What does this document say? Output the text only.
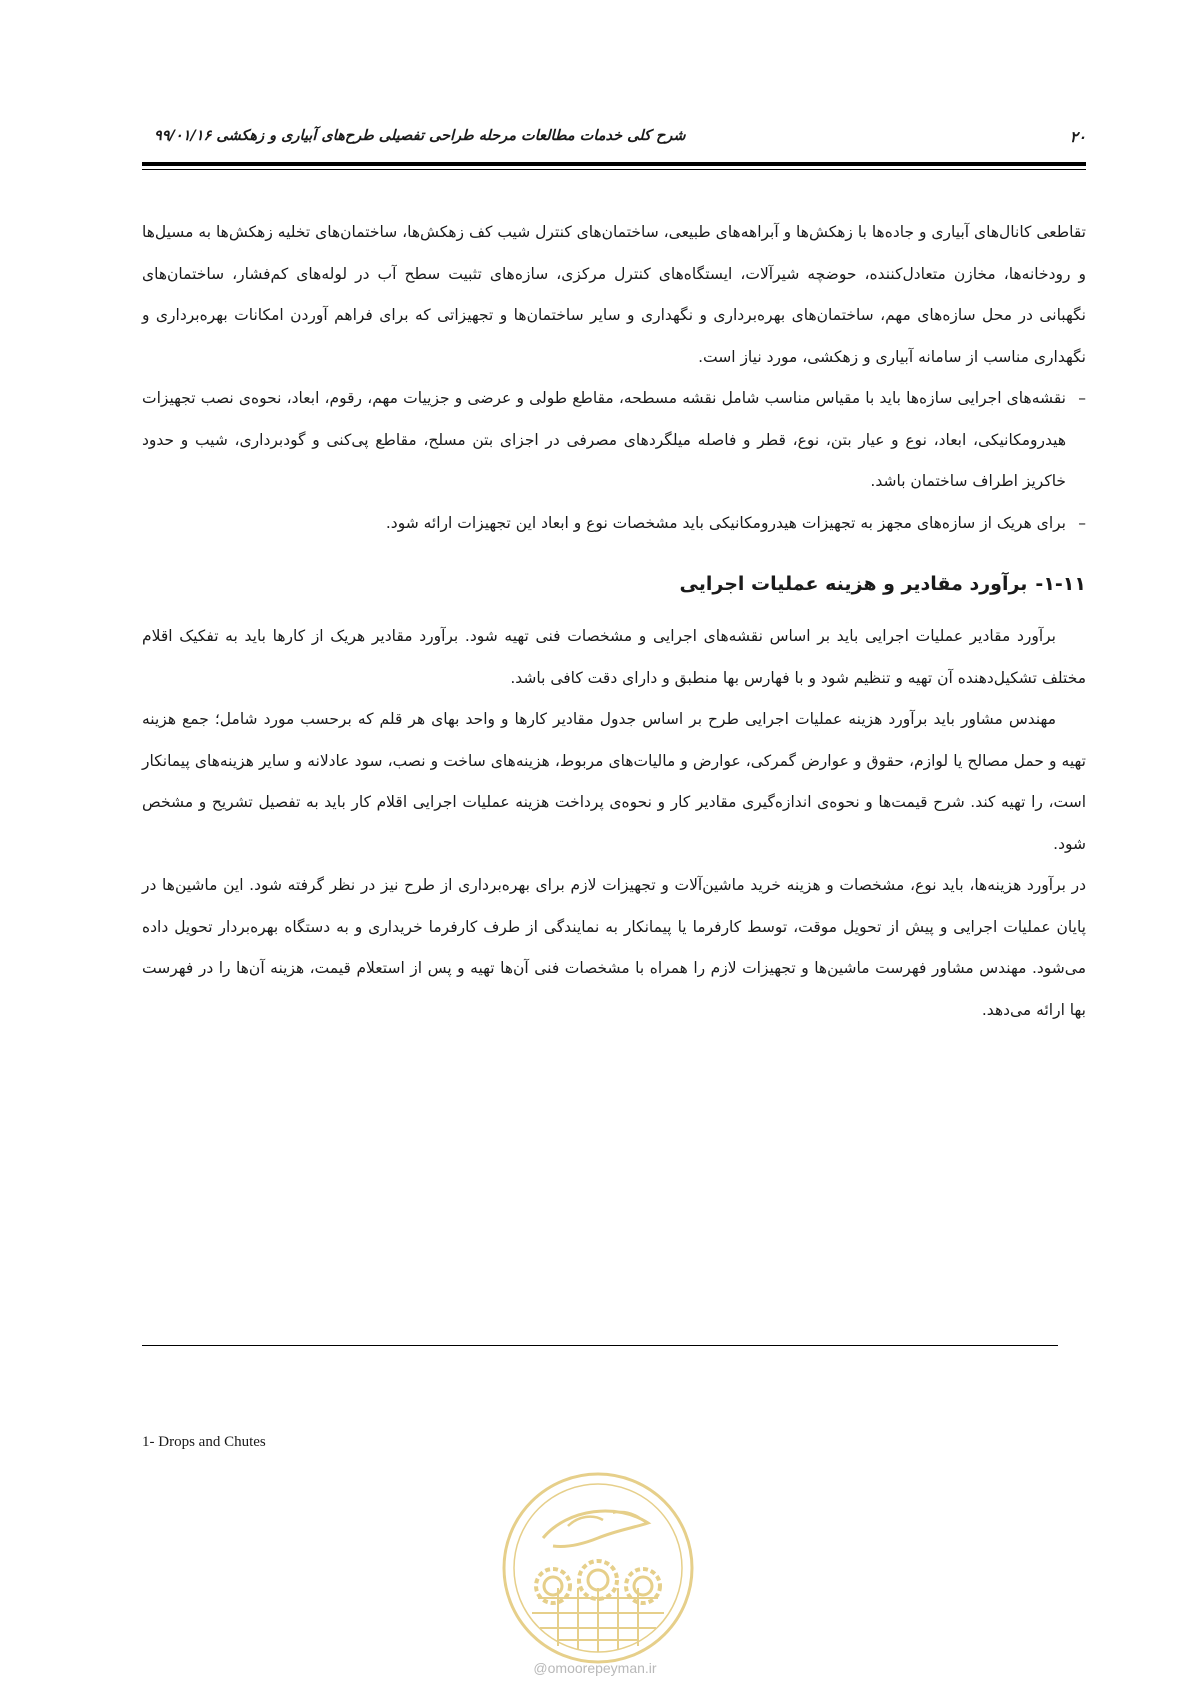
۲۰
شرح کلی خدمات مطالعات مرحله طراحی تفصیلی طرح‌های آبیاری و زهکشی ۹۹/۰۱/۱۶

تقاطعی کانال‌های آبیاری و جاده‌ها با زهکش‌ها و آبراهه‌های طبیعی، ساختمان‌های کنترل شیب کف زهکش‌ها، ساختمان‌های تخلیه زهکش‌ها به مسیل‌ها و رودخانه‌ها، مخازن متعادل‌کننده، حوضچه شیرآلات، ایستگاه‌های کنترل مرکزی، سازه‌های تثبیت سطح آب در لوله‌های کم‌فشار، ساختمان‌های نگهبانی در محل سازه‌های مهم، ساختمان‌های بهره‌برداری و نگهداری و سایر ساختمان‌ها و تجهیزاتی که برای فراهم آوردن امکانات بهره‌برداری و نگهداری مناسب از سامانه آبیاری و زهکشی، مورد نیاز است.

–
نقشه‌های اجرایی سازه‌ها باید با مقیاس مناسب شامل نقشه مسطحه، مقاطع طولی و عرضی و جزییات مهم، رقوم، ابعاد، نحوه‌ی نصب تجهیزات هیدرومکانیکی، ابعاد، نوع و عیار بتن، نوع، قطر و فاصله میلگردهای مصرفی در اجزای بتن مسلح، مقاطع پی‌کنی و گودبرداری، شیب و حدود خاکریز اطراف ساختمان باشد.
–
برای هریک از سازه‌های مجهز به تجهیزات هیدرومکانیکی باید مشخصات نوع و ابعاد این تجهیزات ارائه شود.
۱-۱۱-برآورد مقادیر و هزینه عملیات اجرایی

برآورد مقادیر عملیات اجرایی باید بر اساس نقشه‌های اجرایی و مشخصات فنی تهیه شود. برآورد مقادیر هریک از کارها باید به تفکیک اقلام مختلف تشکیل‌دهنده آن تهیه و تنظیم شود و با فهارس بها منطبق و دارای دقت کافی باشد.

مهندس مشاور باید برآورد هزینه عملیات اجرایی طرح بر اساس جدول مقادیر کارها و واحد بهای هر قلم که برحسب مورد شامل؛ جمع هزینه تهیه و حمل مصالح یا لوازم، حقوق و عوارض گمرکی، عوارض و مالیات‌های مربوط، هزینه‌های ساخت و نصب، سود عادلانه و سایر هزینه‌های پیمانکار است، را تهیه کند. شرح قیمت‌ها و نحوه‌ی اندازه‌گیری مقادیر کار و نحوه‌ی پرداخت هزینه عملیات اجرایی اقلام کار باید به تفصیل تشریح و مشخص شود.

در برآورد هزینه‌ها، باید نوع، مشخصات و هزینه خرید ماشین‌آلات و تجهیزات لازم برای بهره‌برداری از طرح نیز در نظر گرفته شود. این ماشین‌ها در پایان عملیات اجرایی و پیش از تحویل موقت، توسط کارفرما یا پیمانکار به نمایندگی از طرف کارفرما خریداری و به دستگاه بهره‌بردار تحویل داده می‌شود. مهندس مشاور فهرست ماشین‌ها و تجهیزات لازم را همراه با مشخصات فنی آن‌ها تهیه و پس از استعلام قیمت، هزینه آن‌ها را در فهرست بها ارائه می‌دهد.

1- Drops and Chutes
@omoorepeyman.ir
